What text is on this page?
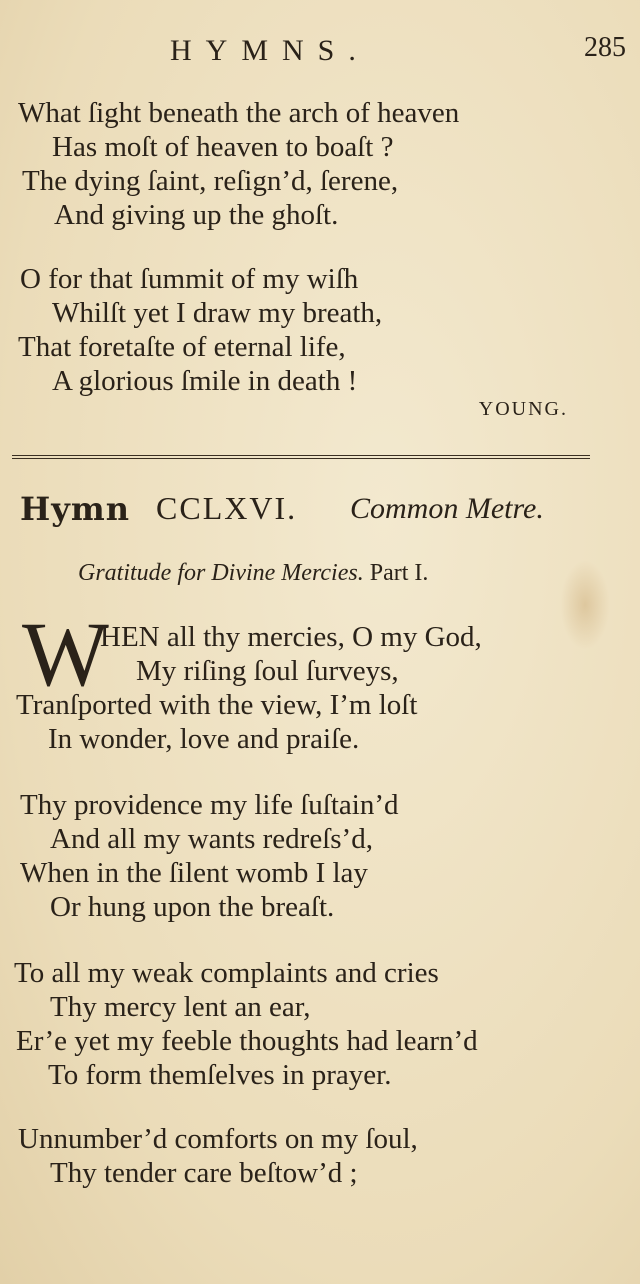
HYMNS.	285
What ſight beneath the arch of heaven
Has moſt of heaven to boaſt ?
The dying ſaint, reſign’d, ſerene,
And giving up the ghoſt.
O for that ſummit of my wiſh
Whilſt yet I draw my breath,
That foretaſte of eternal life,
A glorious ſmile in death !
YOUNG.
Hymn CCLXVI. Common Metre.
Gratitude for Divine Mercies. Part I.
W
HEN all thy mercies, O my God,
My riſing ſoul ſurveys,
Tranſported with the view, I’m loſt
In wonder, love and praiſe.
Thy providence my life ſuſtain’d
And all my wants redreſs’d,
When in the ſilent womb I lay
Or hung upon the breaſt.
To all my weak complaints and cries
Thy mercy lent an ear,
Er’e yet my feeble thoughts had learn’d
To form themſelves in prayer.
Unnumber’d comforts on my ſoul,
Thy tender care beſtow’d ;
